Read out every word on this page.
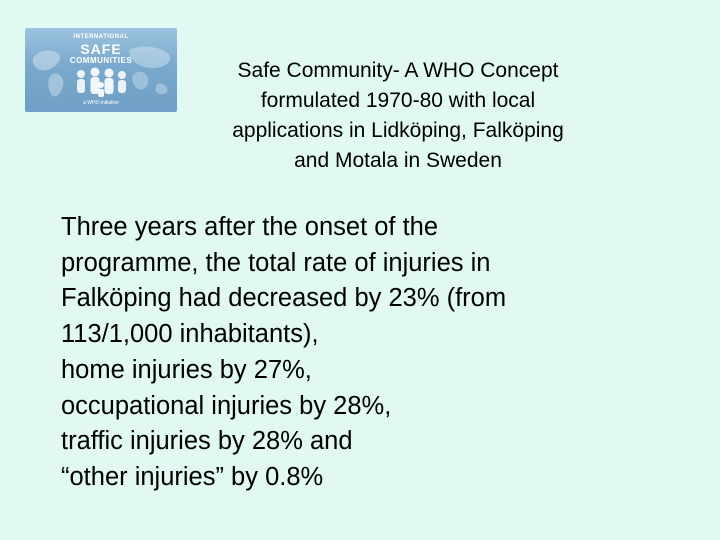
INTERNATIONAL
SAFE
COMMUNITIES
a WHO initiative
Safe Community- A WHO Concept
formulated 1970-80 with local
applications in Lidköping, Falköping
and Motala in Sweden
Three years after the onset of the
programme, the total rate of injuries in
Falköping had decreased by 23% (from
113/1,000 inhabitants),
home injuries by 27%,
occupational injuries by 28%,
traffic injuries by 28% and
“other injuries” by 0.8%
